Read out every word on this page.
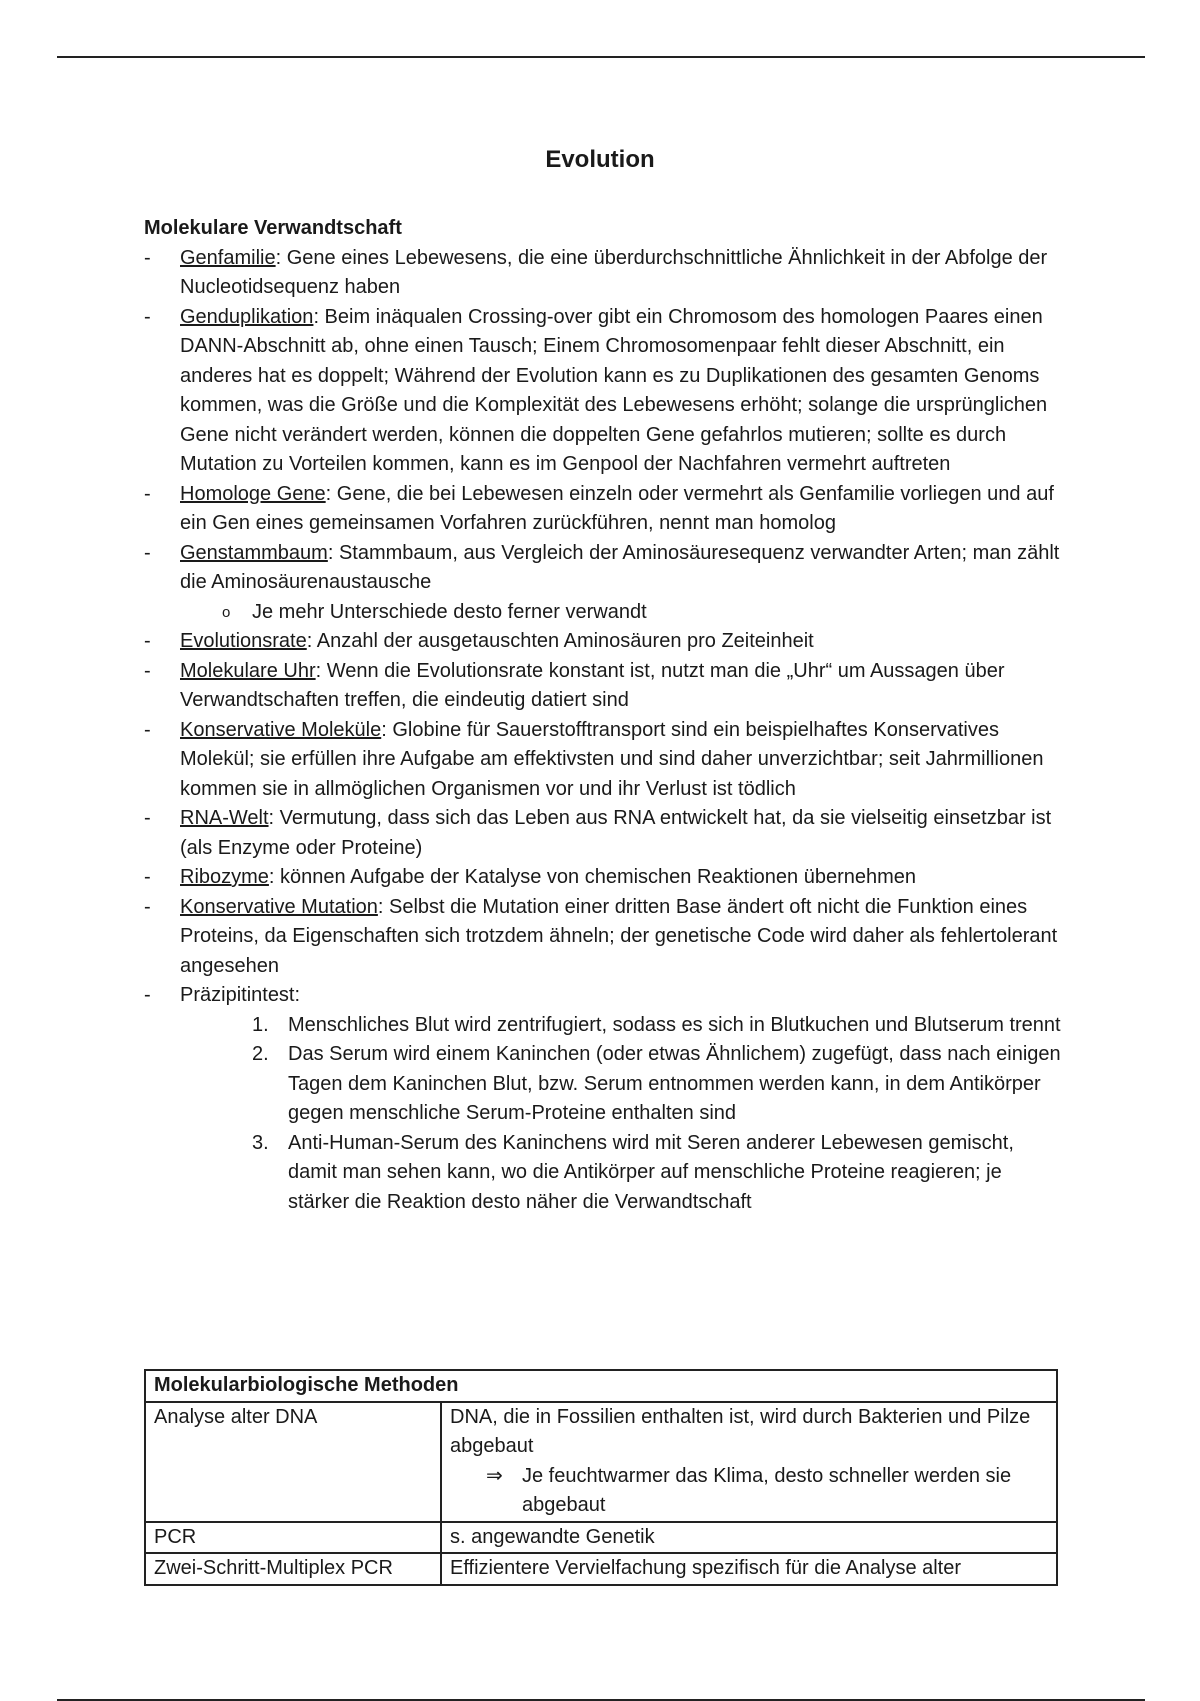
Evolution

Molekulare Verwandtschaft

- Genfamilie: Gene eines Lebewesens, die eine überdurchschnittliche Ähnlichkeit in der Abfolge der Nucleotidsequenz haben
- Genduplikation: Beim inäqualen Crossing-over gibt ein Chromosom des homologen Paares einen DANN-Abschnitt ab, ohne einen Tausch; Einem Chromosomenpaar fehlt dieser Abschnitt, ein anderes hat es doppelt; Während der Evolution kann es zu Duplikationen des gesamten Genoms kommen, was die Größe und die Komplexität des Lebewesens erhöht; solange die ursprünglichen Gene nicht verändert werden, können die doppelten Gene gefahrlos mutieren; sollte es durch Mutation zu Vorteilen kommen, kann es im Genpool der Nachfahren vermehrt auftreten
- Homologe Gene: Gene, die bei Lebewesen einzeln oder vermehrt als Genfamilie vorliegen und auf ein Gen eines gemeinsamen Vorfahren zurückführen, nennt man homolog
- Genstammbaum: Stammbaum, aus Vergleich der Aminosäuresequenz verwandter Arten; man zählt die Aminosäurenaustausche
o Je mehr Unterschiede desto ferner verwandt
- Evolutionsrate: Anzahl der ausgetauschten Aminosäuren pro Zeiteinheit
- Molekulare Uhr: Wenn die Evolutionsrate konstant ist, nutzt man die „Uhr“ um Aussagen über Verwandtschaften treffen, die eindeutig datiert sind
- Konservative Moleküle: Globine für Sauerstofftransport sind ein beispielhaftes Konservatives Molekül; sie erfüllen ihre Aufgabe am effektivsten und sind daher unverzichtbar; seit Jahrmillionen kommen sie in allmöglichen Organismen vor und ihr Verlust ist tödlich
- RNA-Welt: Vermutung, dass sich das Leben aus RNA entwickelt hat, da sie vielseitig einsetzbar ist (als Enzyme oder Proteine)
- Ribozyme: können Aufgabe der Katalyse von chemischen Reaktionen übernehmen
- Konservative Mutation: Selbst die Mutation einer dritten Base ändert oft nicht die Funktion eines Proteins, da Eigenschaften sich trotzdem ähneln; der genetische Code wird daher als fehlertolerant angesehen
- Präzipitintest:
1. Menschliches Blut wird zentrifugiert, sodass es sich in Blutkuchen und Blutserum trennt
2. Das Serum wird einem Kaninchen (oder etwas Ähnlichem) zugefügt, dass nach einigen Tagen dem Kaninchen Blut, bzw. Serum entnommen werden kann, in dem Antikörper gegen menschliche Serum-Proteine enthalten sind
3. Anti-Human-Serum des Kaninchens wird mit Seren anderer Lebewesen gemischt, damit man sehen kann, wo die Antikörper auf menschliche Proteine reagieren; je stärker die Reaktion desto näher die Verwandtschaft
Molekularbiologische Methoden	
Analyse alter DNA	DNA, die in Fossilien enthalten ist, wird durch Bakterien und Pilze abgebaut
⇒ Je feuchtwarmer das Klima, desto schneller werden sie abgebaut

PCR	s. angewandte Genetik
Zwei-Schritt-Multiplex PCR	Effizientere Vervielfachung spezifisch für die Analyse alter
